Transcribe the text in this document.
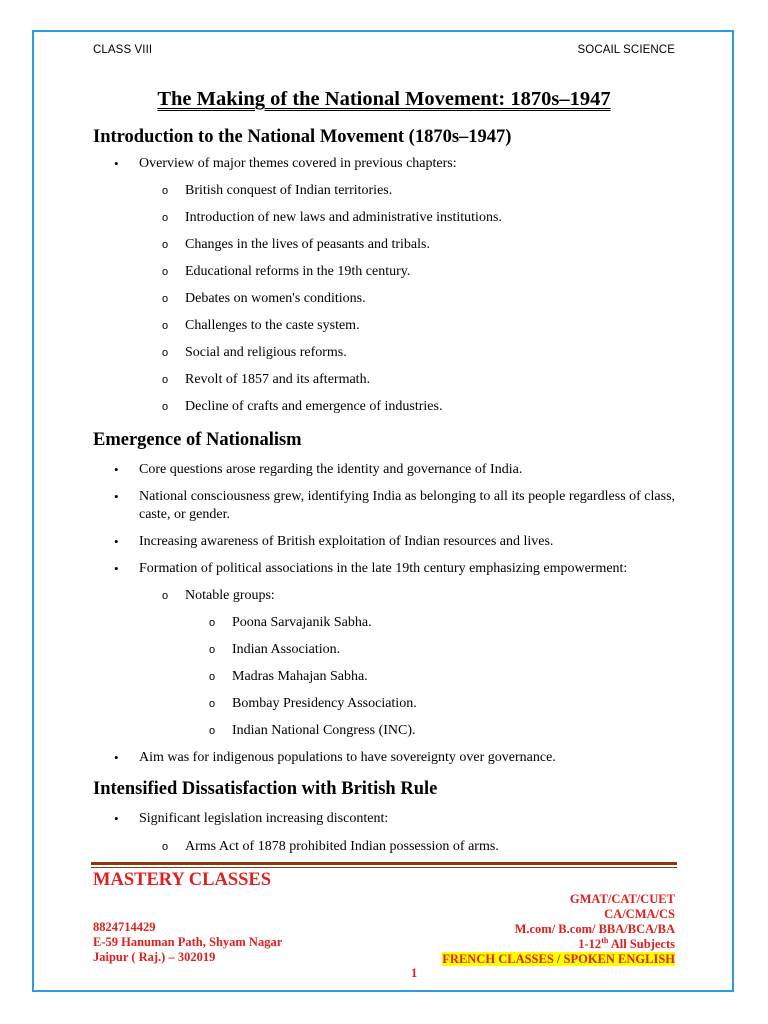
CLASS VIII	SOCAIL SCIENCE
The Making of the National Movement: 1870s–1947
Introduction to the National Movement (1870s–1947)
• Overview of major themes covered in previous chapters:
o British conquest of Indian territories.
o Introduction of new laws and administrative institutions.
o Changes in the lives of peasants and tribals.
o Educational reforms in the 19th century.
o Debates on women's conditions.
o Challenges to the caste system.
o Social and religious reforms.
o Revolt of 1857 and its aftermath.
o Decline of crafts and emergence of industries.
Emergence of Nationalism
• Core questions arose regarding the identity and governance of India.
• National consciousness grew, identifying India as belonging to all its people regardless of class, caste, or gender.
• Increasing awareness of British exploitation of Indian resources and lives.
• Formation of political associations in the late 19th century emphasizing empowerment:
o Notable groups:
o Poona Sarvajanik Sabha.
o Indian Association.
o Madras Mahajan Sabha.
o Bombay Presidency Association.
o Indian National Congress (INC).
• Aim was for indigenous populations to have sovereignty over governance.
Intensified Dissatisfaction with British Rule
• Significant legislation increasing discontent:
o Arms Act of 1878 prohibited Indian possession of arms.
MASTERY CLASSES
8824714429
E-59 Hanuman Path, Shyam Nagar
Jaipur ( Raj.) – 302019
GMAT/CAT/CUET
CA/CMA/CS
M.com/ B.com/ BBA/BCA/BA
1-12th All Subjects
FRENCH CLASSES / SPOKEN ENGLISH
1
